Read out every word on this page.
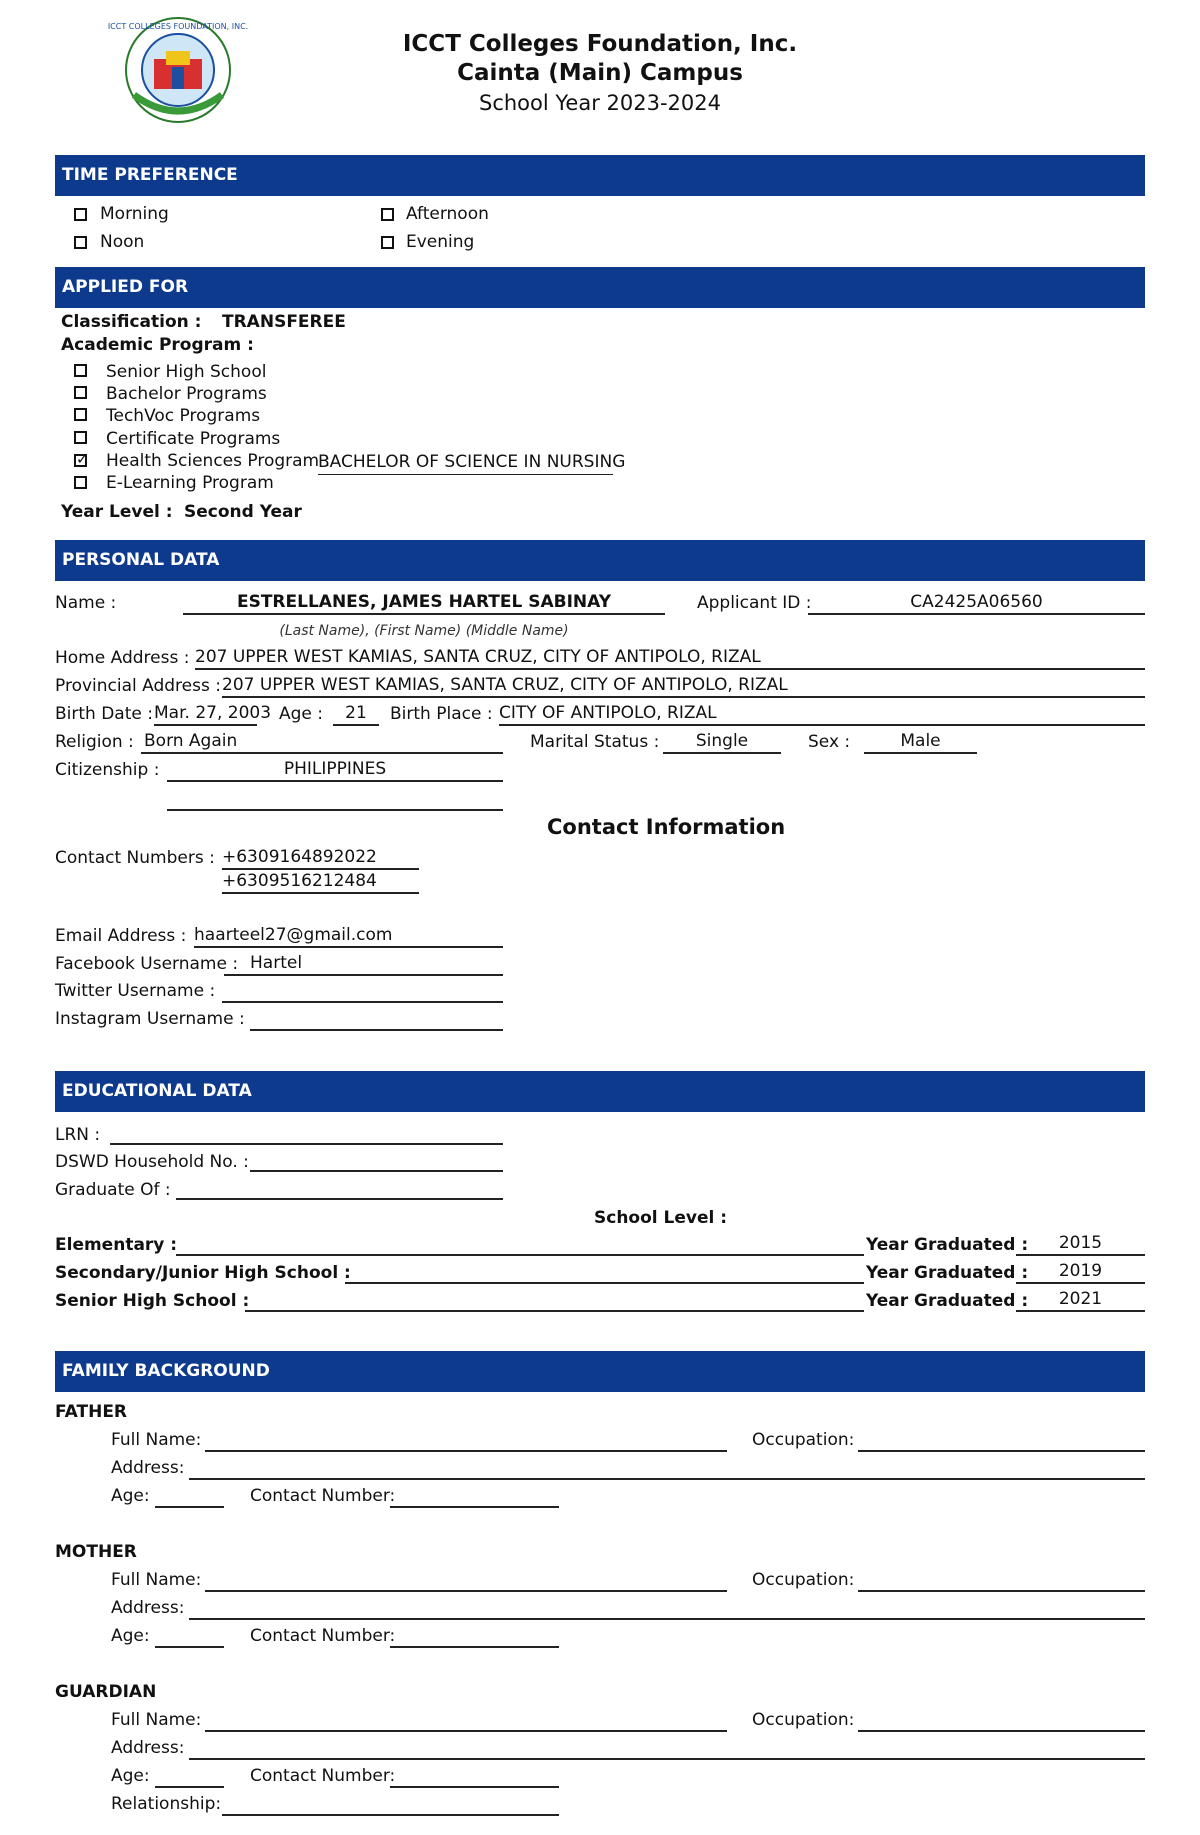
ICCT COLLEGES FOUNDATION, INC.
ICCT Colleges Foundation, Inc.
Cainta (Main) Campus
School Year 2023-2024
TIME PREFERENCE
Morning	Afternoon
Noon	Evening
APPLIED FOR
Classification : TRANSFEREE
Academic Program :
Senior High School
Bachelor Programs
TechVoc Programs
Certificate Programs
✓
Health Sciences Program :
BACHELOR OF SCIENCE IN NURSING
E-Learning Program
Year Level : Second Year
PERSONAL DATA
Name :	ESTRELLANES, JAMES HARTEL SABINAY
(Last Name), (First Name) (Middle Name)
Applicant ID :	CA2425A06560
Home Address : 207 UPPER WEST KAMIAS, SANTA CRUZ, CITY OF ANTIPOLO, RIZAL
Provincial Address : 207 UPPER WEST KAMIAS, SANTA CRUZ, CITY OF ANTIPOLO, RIZAL
Birth Date : Mar. 27, 2003 Age :	21	Birth Place : CITY OF ANTIPOLO, RIZAL
Religion : Born Again	Marital Status :	Single	Sex :	Male
Citizenship :	PHILIPPINES
Contact Information
Contact Numbers : +6309164892022
+6309516212484
Email Address : haarteel27@gmail.com
Facebook Username : Hartel
Twitter Username :
Instagram Username :
EDUCATIONAL DATA
LRN :
DSWD Household No. :
Graduate Of :
School Level :
Elementary :	Year Graduated :	2015
Secondary/Junior High School :	Year Graduated :	2019
Senior High School :	Year Graduated :	2021
FAMILY BACKGROUND
FATHER
Full Name:	Occupation:
Address:
Age:	Contact Number:
MOTHER
Full Name:	Occupation:
Address:
Age:	Contact Number:
GUARDIAN
Full Name:	Occupation:
Address:
Age:	Contact Number:
Relationship:
